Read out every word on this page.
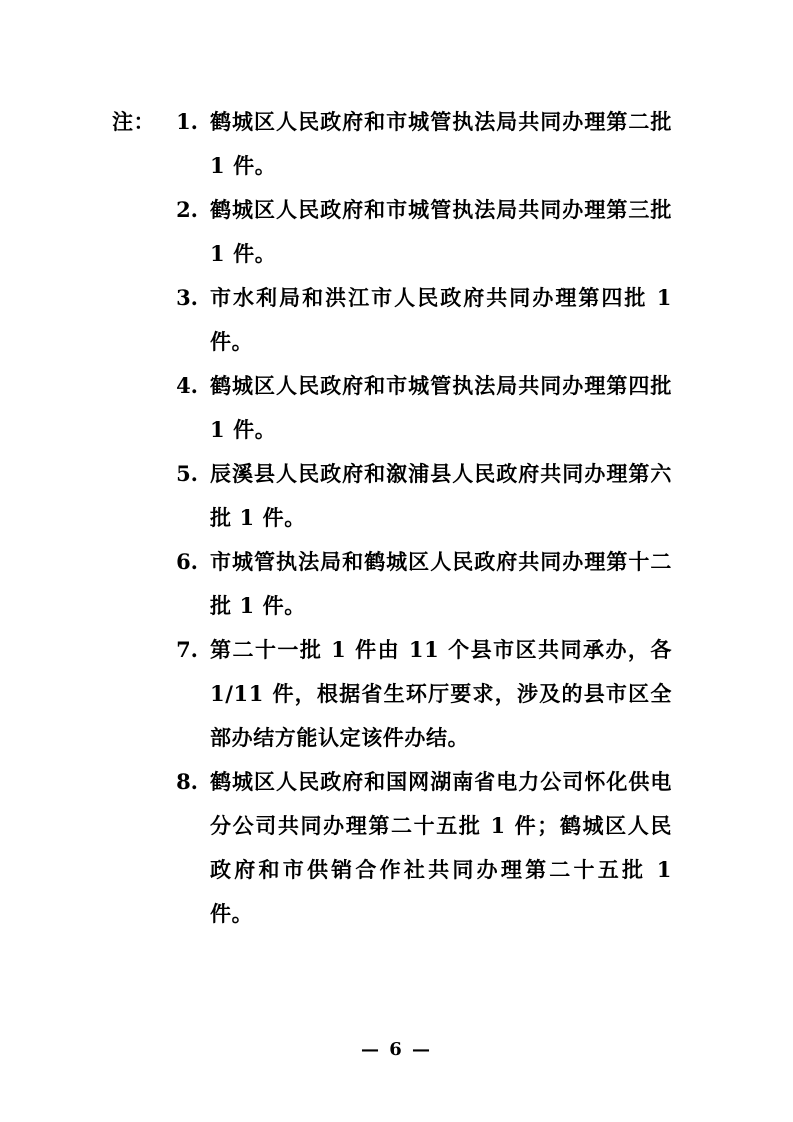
注：	1. 鹤城区人民政府和市城管执法局共同办理第二批 1 件。
2. 鹤城区人民政府和市城管执法局共同办理第三批 1 件。
3. 市水利局和洪江市人民政府共同办理第四批 1 件。
4. 鹤城区人民政府和市城管执法局共同办理第四批 1 件。
5. 辰溪县人民政府和溆浦县人民政府共同办理第六批 1 件。
6. 市城管执法局和鹤城区人民政府共同办理第十二批 1 件。
7. 第二十一批 1 件由 11 个县市区共同承办，各 1/11 件，根据省生环厅要求，涉及的县市区全部办结方能认定该件办结。
8. 鹤城区人民政府和国网湖南省电力公司怀化供电分公司共同办理第二十五批 1 件；鹤城区人民政府和市供销合作社共同办理第二十五批 1 件。
— 6 —
